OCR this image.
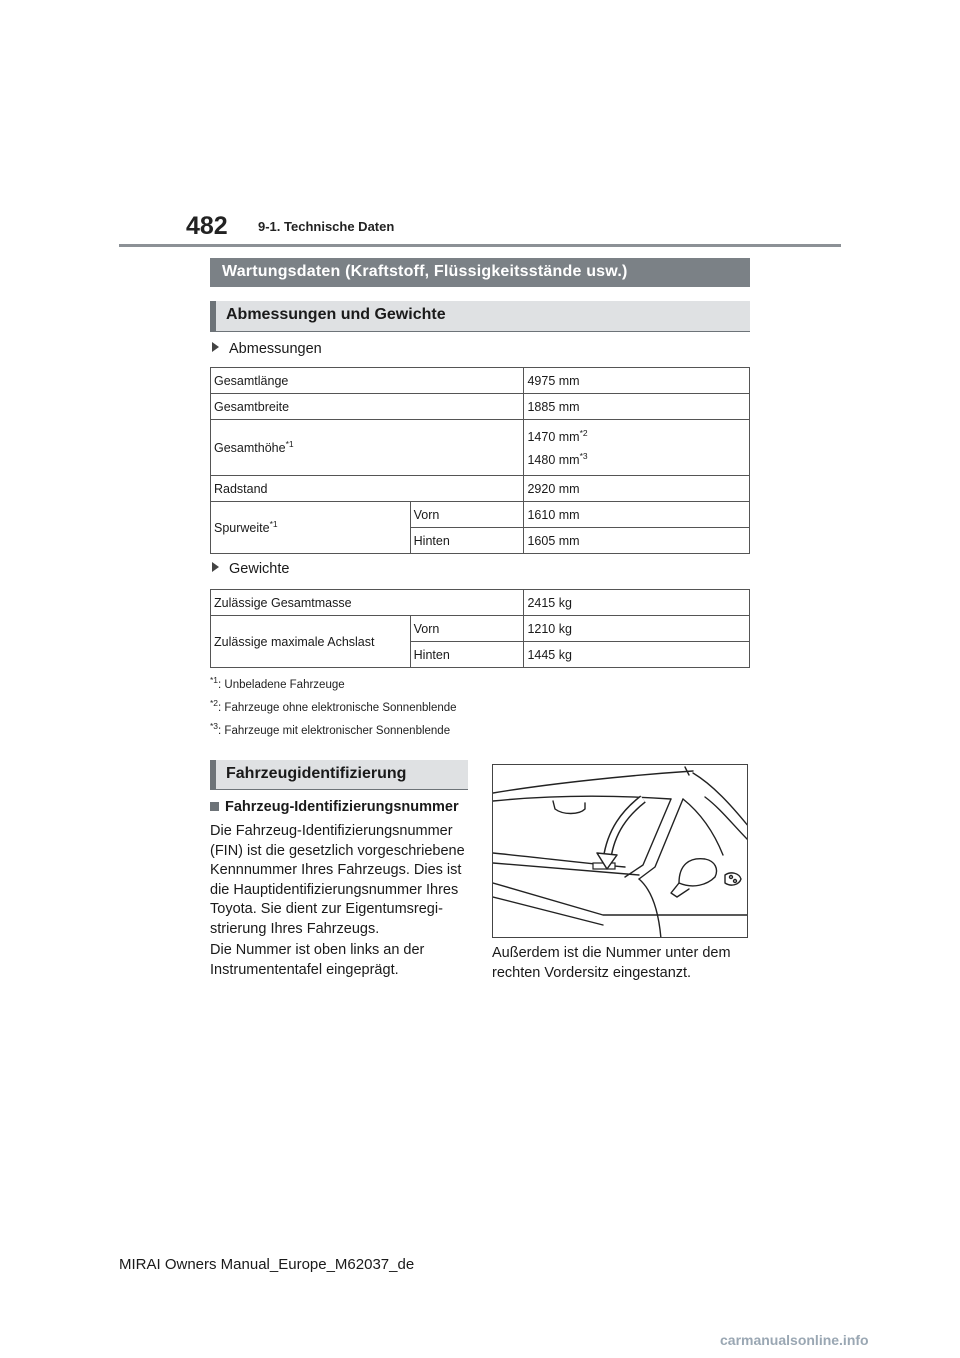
482 9-1. Technische Daten
Wartungsdaten (Kraftstoff, Flüssigkeitsstände usw.)
Abmessungen und Gewichte
Abmessungen
Gesamtlänge		4975 mm
Gesamtbreite		1885 mm
Gesamthöhe$^{*1}$		1470 $mm^{*2}$
1480 $mm^{*3}$

Radstand		2920 mm
Spurweite$^{*1}$	Vorn	1610 mm
	Hinten	1605 mm
Gewichte
Zulässige Gesamtmasse		2415 kg
Zulässige maximale Achslast	Vorn	1210 kg
	Hinten	1445 kg
$^{*1}$: Unbeladene Fahrzeuge
$^{*2}$: Fahrzeuge ohne elektronische Sonnenblende
$^{*3}$: Fahrzeuge mit elektronischer Sonnenblende
Fahrzeugidentifizierung
Fahrzeug-Identifizierungsnummer
Die Fahrzeug-Identifizierungsnummer
(FIN) ist die gesetzlich vorgeschriebene
Kennnummer Ihres Fahrzeugs. Dies ist
die Hauptidentifizierungsnummer Ihres
Toyota. Sie dient zur Eigentumsregi-
strierung Ihres Fahrzeugs.
Die Nummer ist oben links an der
Instrumententafel eingeprägt.
Außerdem ist die Nummer unter dem
rechten Vordersitz eingestanzt.
MIRAI Owners Manual_Europe_M62037_de
carmanualsonline.info
